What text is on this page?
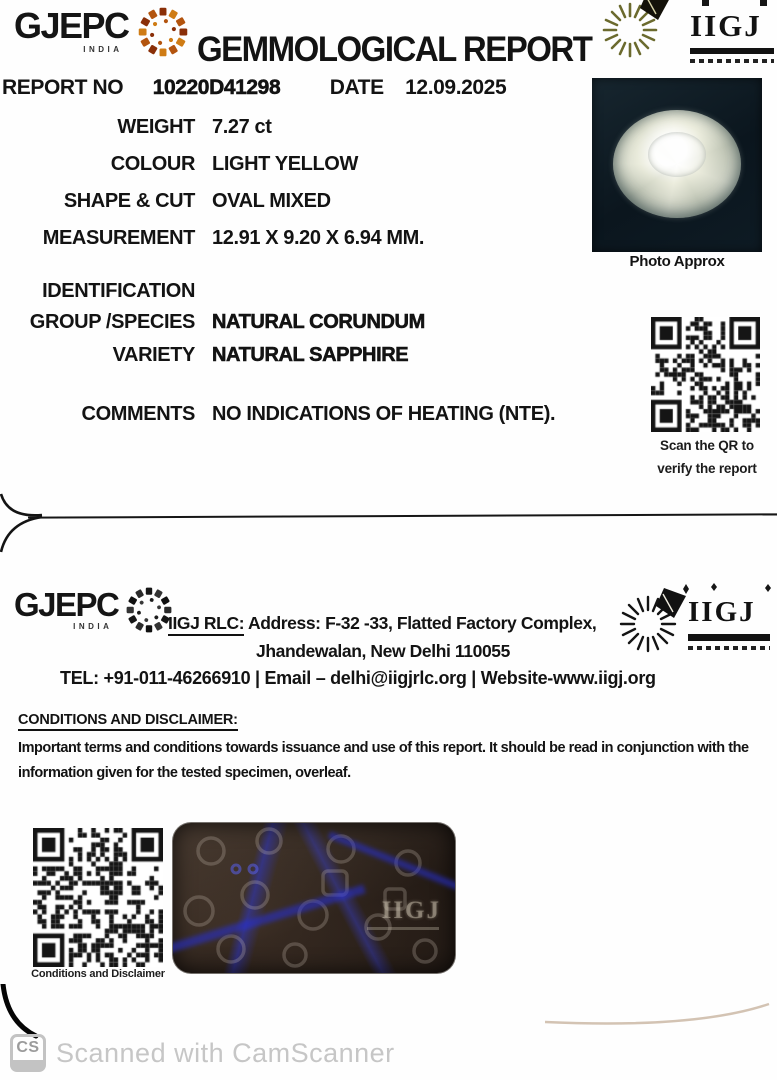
GJEPC
INDIA GEMMOLOGICAL REPORT
IIGJ
REPORT NO 10220D41298 DATE 12.09.2025
WEIGHT 7.27 ct
COLOUR LIGHT YELLOW
SHAPE & CUT OVAL MIXED
MEASUREMENT 12.91 X 9.20 X 6.94 MM.
IDENTIFICATION
GROUP /SPECIES NATURAL CORUNDUM
VARIETY NATURAL SAPPHIRE
COMMENTS NO INDICATIONS OF HEATING (NTE).
Photo Approx
Scan the QR to
verify the report
GJEPC
INDIA	IIGJ RLC: Address: F-32 -33, Flatted Factory Complex,
Jhandewalan, New Delhi 110055
TEL: +91-011-46266910 | Email – delhi@iigjrlc.org | Website-www.iigj.org
IIGJ
CONDITIONS AND DISCLAIMER:

Important terms and conditions towards issuance and use of this report. It should be read in conjunction with the information given for the tested specimen, overleaf.

Conditions and Disclaimer
IIGJ
CS Scanned with CamScanner
